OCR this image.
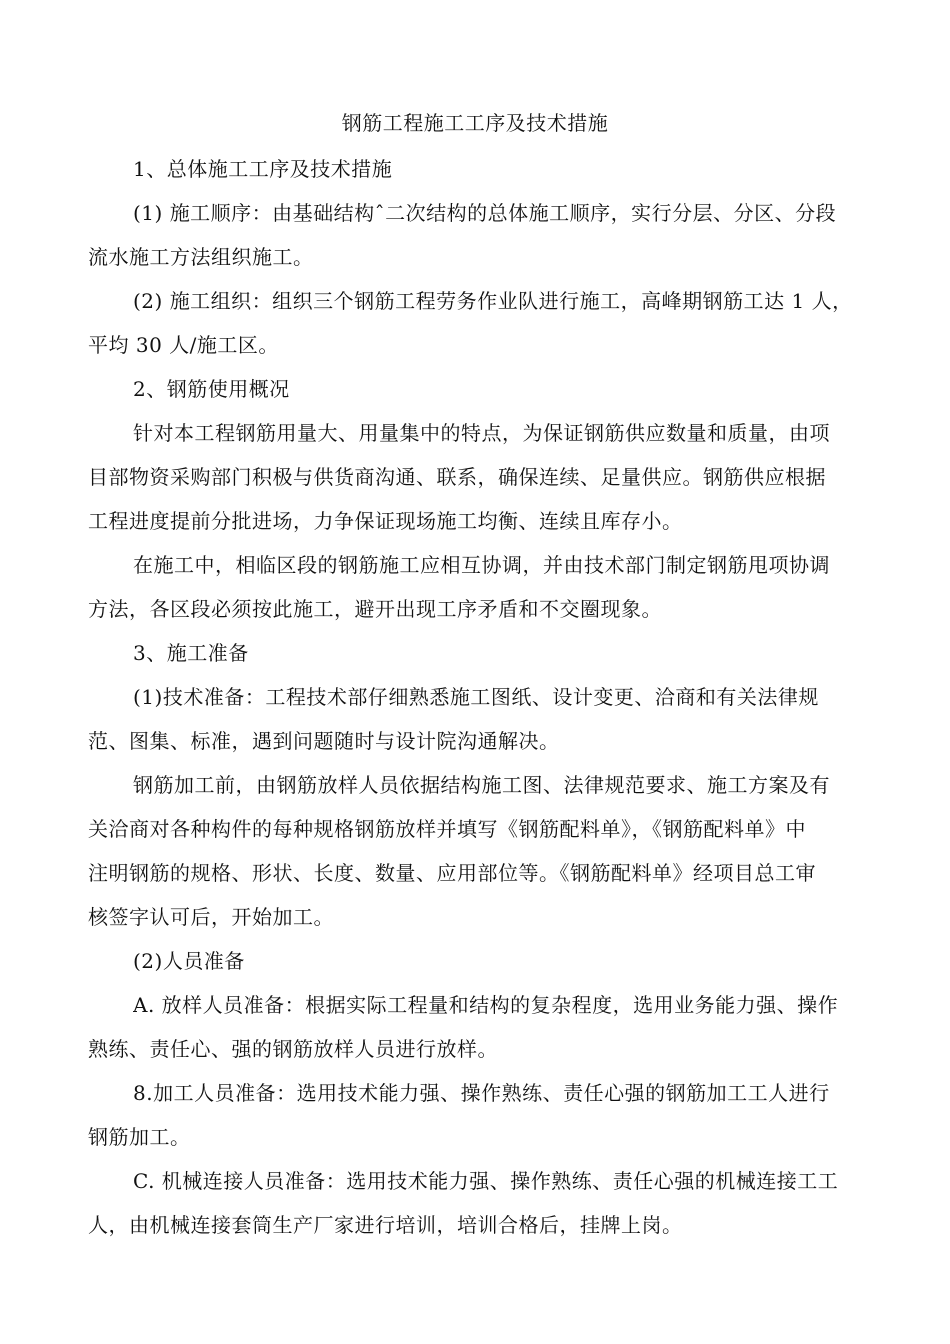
钢筋工程施工工序及技术措施
1、总体施工工序及技术措施
(1) 施工顺序：由基础结构ˆ二次结构的总体施工顺序，实行分层、分区、分段
流水施工方法组织施工。
(2) 施工组织：组织三个钢筋工程劳务作业队进行施工，高峰期钢筋工达 1 人，
平均 30 人/施工区。
2、钢筋使用概况
针对本工程钢筋用量大、用量集中的特点，为保证钢筋供应数量和质量，由项
目部物资采购部门积极与供货商沟通、联系，确保连续、足量供应。钢筋供应根据
工程进度提前分批进场，力争保证现场施工均衡、连续且库存小。
在施工中，相临区段的钢筋施工应相互协调，并由技术部门制定钢筋甩项协调
方法，各区段必须按此施工，避开出现工序矛盾和不交圈现象。
3、施工准备
(1)技术准备：工程技术部仔细熟悉施工图纸、设计变更、洽商和有关法律规
范、图集、标准，遇到问题随时与设计院沟通解决。
钢筋加工前，由钢筋放样人员依据结构施工图、法律规范要求、施工方案及有
关洽商对各种构件的每种规格钢筋放样并填写《钢筋配料单》，《钢筋配料单》中
注明钢筋的规格、形状、长度、数量、应用部位等。《钢筋配料单》经项目总工审
核签字认可后，开始加工。
(2)人员准备
A. 放样人员准备：根据实际工程量和结构的复杂程度，选用业务能力强、操作
熟练、责任心、强的钢筋放样人员进行放样。
8.加工人员准备：选用技术能力强、操作熟练、责任心强的钢筋加工工人进行
钢筋加工。
C. 机械连接人员准备：选用技术能力强、操作熟练、责任心强的机械连接工工
人，由机械连接套筒生产厂家进行培训，培训合格后，挂牌上岗。
